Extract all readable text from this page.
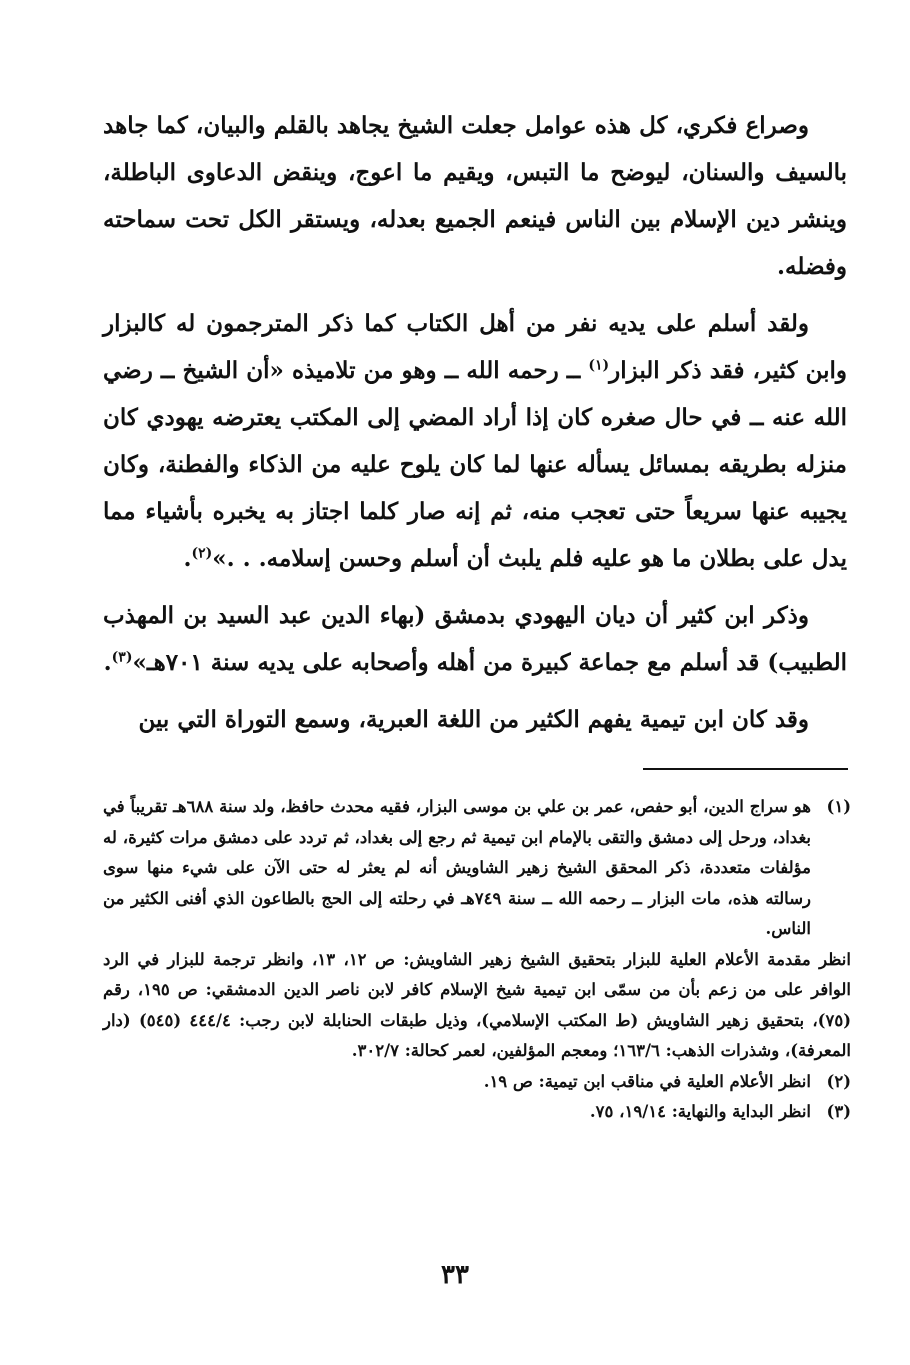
وصراع فكري، كل هذه عوامل جعلت الشيخ يجاهد بالقلم والبيان، كما جاهد بالسيف والسنان، ليوضح ما التبس، ويقيم ما اعوج، وينقض الدعاوى الباطلة، وينشر دين الإسلام بين الناس فينعم الجميع بعدله، ويستقر الكل تحت سماحته وفضله.

ولقد أسلم على يديه نفر من أهل الكتاب كما ذكر المترجمون له كالبزار وابن كثير، فقد ذكر البزار$^{(١)}$ ــ رحمه الله ــ وهو من تلاميذه «أن الشيخ ــ رضي الله عنه ــ في حال صغره كان إذا أراد المضي إلى المكتب يعترضه يهودي كان منزله بطريقه بمسائل يسأله عنها لما كان يلوح عليه من الذكاء والفطنة، وكان يجيبه عنها سريعاً حتى تعجب منه، ثم إنه صار كلما اجتاز به يخبره بأشياء مما يدل على بطلان ما هو عليه فلم يلبث أن أسلم وحسن إسلامه. . .»$^{(٢)}$.

وذكر ابن كثير أن ديان اليهودي بدمشق (بهاء الدين عبد السيد بن المهذب الطبيب) قد أسلم مع جماعة كبيرة من أهله وأصحابه على يديه سنة ٧٠١هـ»$^{(٣)}$.

وقد كان ابن تيمية يفهم الكثير من اللغة العبرية، وسمع التوراة التي بين

(١)

هو سراج الدين، أبو حفص، عمر بن علي بن موسى البزار، فقيه محدث حافظ، ولد سنة ٦٨٨هـ تقريباً في بغداد، ورحل إلى دمشق والتقى بالإمام ابن تيمية ثم رجع إلى بغداد، ثم تردد على دمشق مرات كثيرة، له مؤلفات متعددة، ذكر المحقق الشيخ زهير الشاويش أنه لم يعثر له حتى الآن على شيء منها سوى رسالته هذه، مات البزار ــ رحمه الله ــ سنة ٧٤٩هـ في رحلته إلى الحج بالطاعون الذي أفنى الكثير من الناس.

انظر مقدمة الأعلام العلية للبزار بتحقيق الشيخ زهير الشاويش: ص ١٢، ١٣، وانظر ترجمة للبزار في الرد الوافر على من زعم بأن من سمّى ابن تيمية شيخ الإسلام كافر لابن ناصر الدين الدمشقي: ص ١٩٥، رقم (٧٥)، بتحقيق زهير الشاويش (ط المكتب الإسلامي)، وذيل طبقات الحنابلة لابن رجب: ٤٤٤/٤ (٥٤٥) (دار المعرفة)، وشذرات الذهب: ١٦٣/٦؛ ومعجم المؤلفين، لعمر كحالة: ٣٠٢/٧.

(٢)

انظر الأعلام العلية في مناقب ابن تيمية: ص ١٩.

(٣)

انظر البداية والنهاية: ١٩/١٤، ٧٥.

٣٣
